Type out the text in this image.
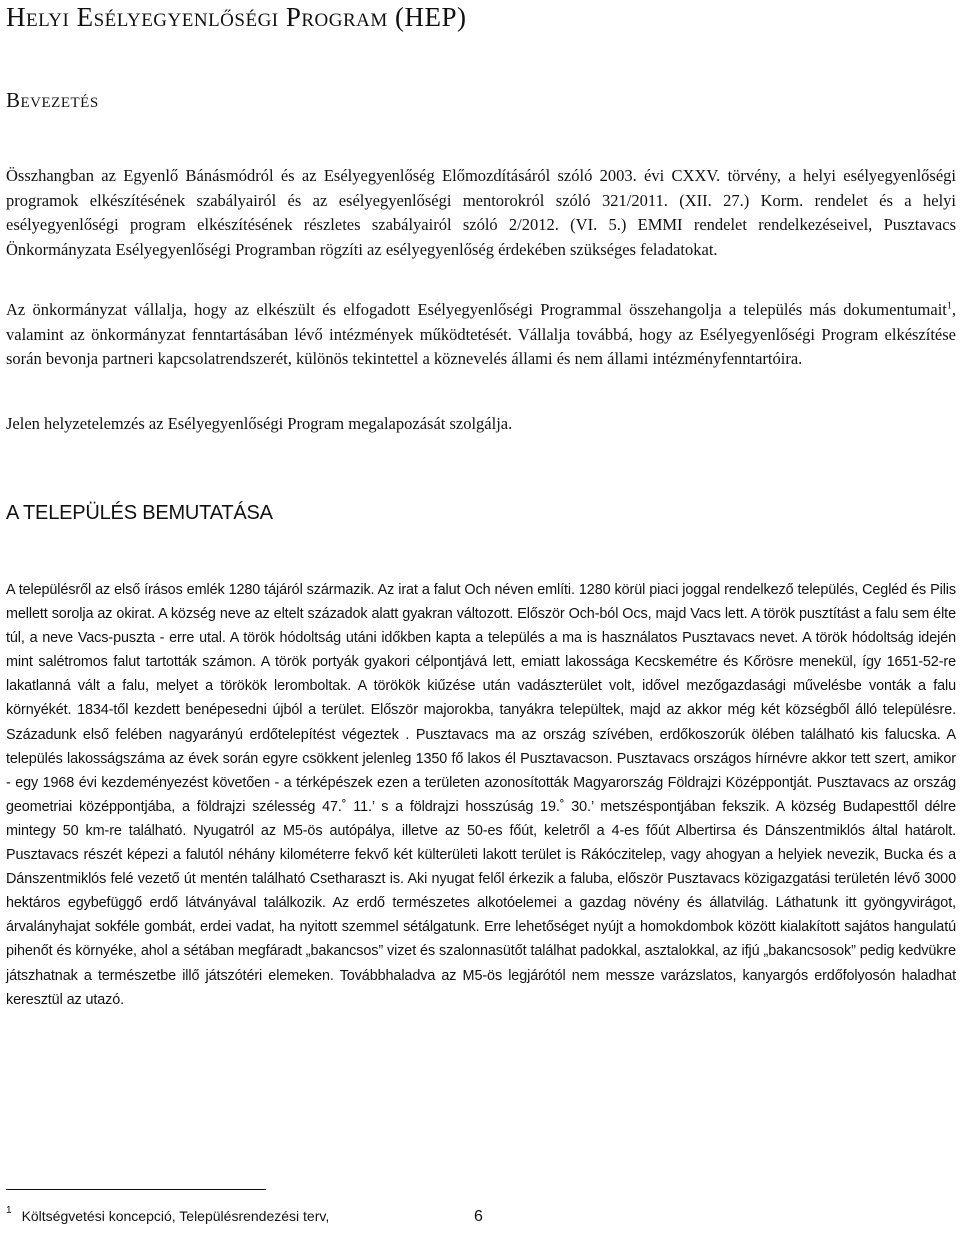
Helyi Esélyegyenlőségi Program (HEP)
Bevezetés

Összhangban az Egyenlő Bánásmódról és az Esélyegyenlőség Előmozdításáról szóló 2003. évi CXXV. törvény, a helyi esélyegyenlőségi programok elkészítésének szabályairól és az esélyegyenlőségi mentorokról szóló 321/2011. (XII. 27.) Korm. rendelet és a helyi esélyegyenlőségi program elkészítésének részletes szabályairól szóló 2/2012. (VI. 5.) EMMI rendelet rendelkezéseivel, Pusztavacs Önkormányzata Esélyegyenlőségi Programban rögzíti az esélyegyenlőség érdekében szükséges feladatokat.

Az önkormányzat vállalja, hogy az elkészült és elfogadott Esélyegyenlőségi Programmal összehangolja a település más dokumentumait$^1$, valamint az önkormányzat fenntartásában lévő intézmények működtetését. Vállalja továbbá, hogy az Esélyegyenlőségi Program elkészítése során bevonja partneri kapcsolatrendszerét, különös tekintettel a köznevelés állami és nem állami intézményfenntartóira.

Jelen helyzetelemzés az Esélyegyenlőségi Program megalapozását szolgálja.

A TELEPÜLÉS BEMUTATÁSA

A településről az első írásos emlék 1280 tájáról származik. Az irat a falut Och néven említi. 1280 körül piaci joggal rendelkező település, Cegléd és Pilis mellett sorolja az okirat. A község neve az eltelt századok alatt gyakran változott. Először Och-ból Ocs, majd Vacs lett. A török pusztítást a falu sem élte túl, a neve Vacs-puszta - erre utal. A török hódoltság utáni időkben kapta a település a ma is használatos Pusztavacs nevet. A török hódoltság idején mint salétromos falut tartották számon. A török portyák gyakori célpontjává lett, emiatt lakossága Kecskemétre és Kőrösre menekül, így 1651-52-re lakatlanná vált a falu, melyet a törökök leromboltak. A törökök kiűzése után vadászterület volt, idővel mezőgazdasági művelésbe vonták a falu környékét. 1834-től kezdett benépesedni újból a terület. Először majorokba, tanyákra települtek, majd az akkor még két községből álló településre. Századunk első felében nagyarányú erdőtelepítést végeztek . Pusztavacs ma az ország szívében, erdőkoszorúk ölében található kis falucska. A település lakosságszáma az évek során egyre csökkent jelenleg 1350 fő lakos él Pusztavacson. Pusztavacs országos hírnévre akkor tett szert, amikor - egy 1968 évi kezdeményezést követően - a térképészek ezen a területen azonosították Magyarország Földrajzi Középpontját. Pusztavacs az ország geometriai középpontjába, a földrajzi szélesség 47.˚ 11.’ s a földrajzi hosszúság 19.˚ 30.’ metszéspontjában fekszik. A község Budapesttől délre mintegy 50 km-re található. Nyugatról az M5-ös autópálya, illetve az 50-es főút, keletről a 4-es főút Albertirsa és Dánszentmiklós által határolt. Pusztavacs részét képezi a falutól néhány kilométerre fekvő két külterületi lakott terület is Rákócziteleр, vagy ahogyan a helyiek nevezik, Bucka és a Dánszentmiklós felé vezető út mentén található Csetharaszt is. Aki nyugat felől érkezik a faluba, először Pusztavacs közigazgatási területén lévő 3000 hektáros egybefüggő erdő látványával találkozik. Az erdő természetes alkotóelemei a gazdag növény és állatvilág. Láthatunk itt gyöngyvirágot, árvalányhajat sokféle gombát, erdei vadat, ha nyitott szemmel sétálgatunk. Erre lehetőséget nyújt a homokdombok között kialakított sajátos hangulatú pihenőt és környéke, ahol a sétában megfáradt „bakancsos” vizet és szalonnasütőt találhat padokkal, asztalokkal, az ifjú „bakancsosok” pedig kedvükre játszhatnak a természetbe illő játszótéri elemeken. Továbbhaladva az M5-ös legjárótól nem messze varázslatos, kanyargós erdőfolyosón haladhat keresztül az utazó.

$^1$ Költségvetési koncepció, Településrendezési terv,	6
